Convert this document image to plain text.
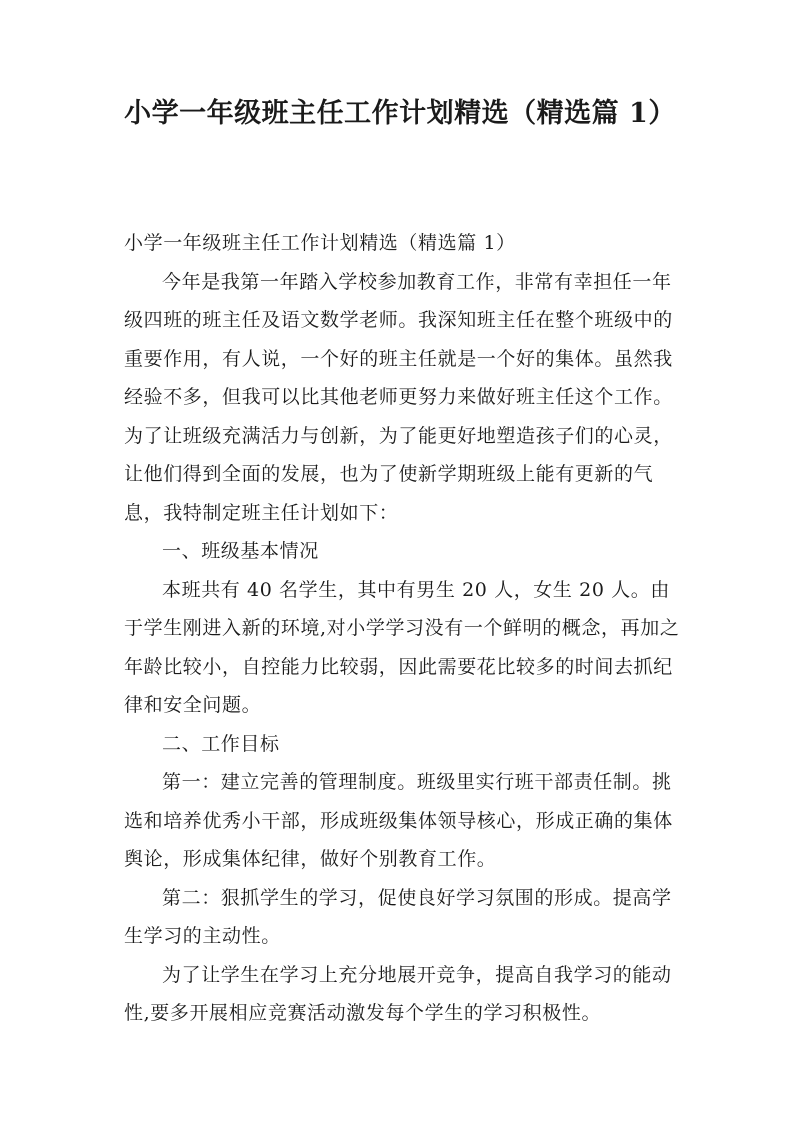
小学一年级班主任工作计划精选（精选篇 1）

小学一年级班主任工作计划精选（精选篇 1）

今年是我第一年踏入学校参加教育工作，非常有幸担任一年级四班的班主任及语文数学老师。我深知班主任在整个班级中的重要作用，有人说，一个好的班主任就是一个好的集体。虽然我经验不多，但我可以比其他老师更努力来做好班主任这个工作。为了让班级充满活力与创新，为了能更好地塑造孩子们的心灵，让他们得到全面的发展，也为了使新学期班级上能有更新的气息，我特制定班主任计划如下：

一、班级基本情况

本班共有 40 名学生，其中有男生 20 人，女生 20 人。由于学生刚进入新的环境,对小学学习没有一个鲜明的概念，再加之年龄比较小，自控能力比较弱，因此需要花比较多的时间去抓纪律和安全问题。

二、工作目标

第一：建立完善的管理制度。班级里实行班干部责任制。挑选和培养优秀小干部，形成班级集体领导核心，形成正确的集体舆论，形成集体纪律，做好个别教育工作。

第二：狠抓学生的学习，促使良好学习氛围的形成。提高学生学习的主动性。

为了让学生在学习上充分地展开竞争，提高自我学习的能动性,要多开展相应竞赛活动激发每个学生的学习积极性。
